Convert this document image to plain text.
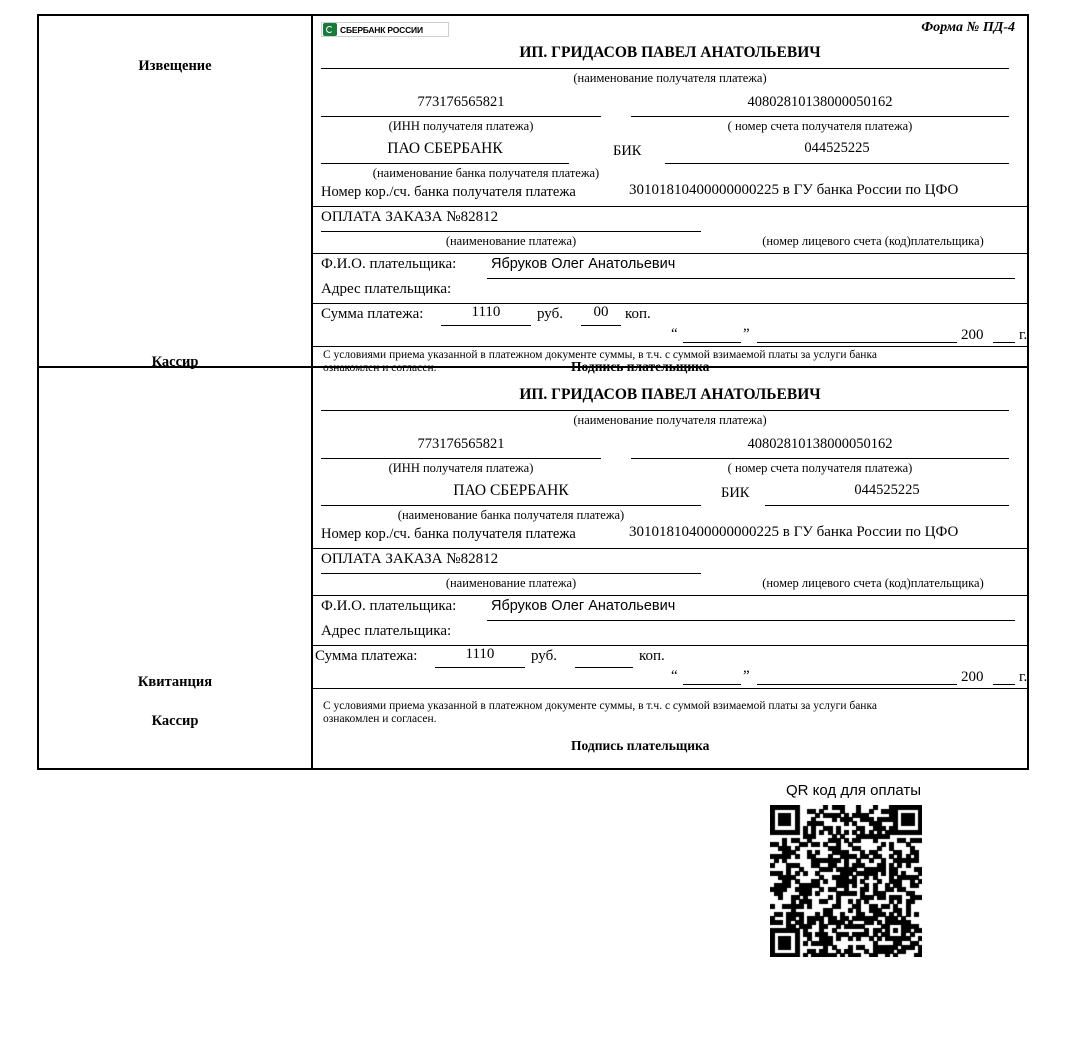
Извещение
Кассир
СБЕРБАНК РОССИИ	Форма № ПД-4
ИП. ГРИДАСОВ ПАВЕЛ АНАТОЛЬЕВИЧ
(наименование получателя платежа)
773176565821
(ИНН получателя платежа)
40802810138000050162
( номер счета получателя платежа)
ПАО СБЕРБАНК
(наименование банка получателя платежа)
БИК	044525225
Номер кор./сч. банка получателя платежа	30101810400000000225 в ГУ банка России по ЦФО
ОПЛАТА ЗАКАЗА №82812
(наименование платежа)	(номер лицевого счета (код)плательщика)
Ф.И.О. плательщика: Ябруков Олег Анатольевич
Адрес плательщика:
Сумма платежа:	1110	руб.	00	коп.
“	”	200 г.
С условиями приема указанной в платежном документе суммы, в т.ч. с суммой взимаемой платы за услуги банка
ознакомлен и согласен.	Подпись плательщика
Квитанция
Кассир
ИП. ГРИДАСОВ ПАВЕЛ АНАТОЛЬЕВИЧ
(наименование получателя платежа)
773176565821
(ИНН получателя платежа)
40802810138000050162
( номер счета получателя платежа)
ПАО СБЕРБАНК
(наименование банка получателя платежа)
БИК	044525225
Номер кор./сч. банка получателя платежа	30101810400000000225 в ГУ банка России по ЦФО
ОПЛАТА ЗАКАЗА №82812
(наименование платежа)	(номер лицевого счета (код)плательщика)
Ф.И.О. плательщика: Ябруков Олег Анатольевич
Адрес плательщика:
Сумма платежа:	1110	руб.	коп.
“	”	200 г.
С условиями приема указанной в платежном документе суммы, в т.ч. с суммой взимаемой платы за услуги банка
ознакомлен и согласен.
Подпись плательщика
QR код для оплаты
